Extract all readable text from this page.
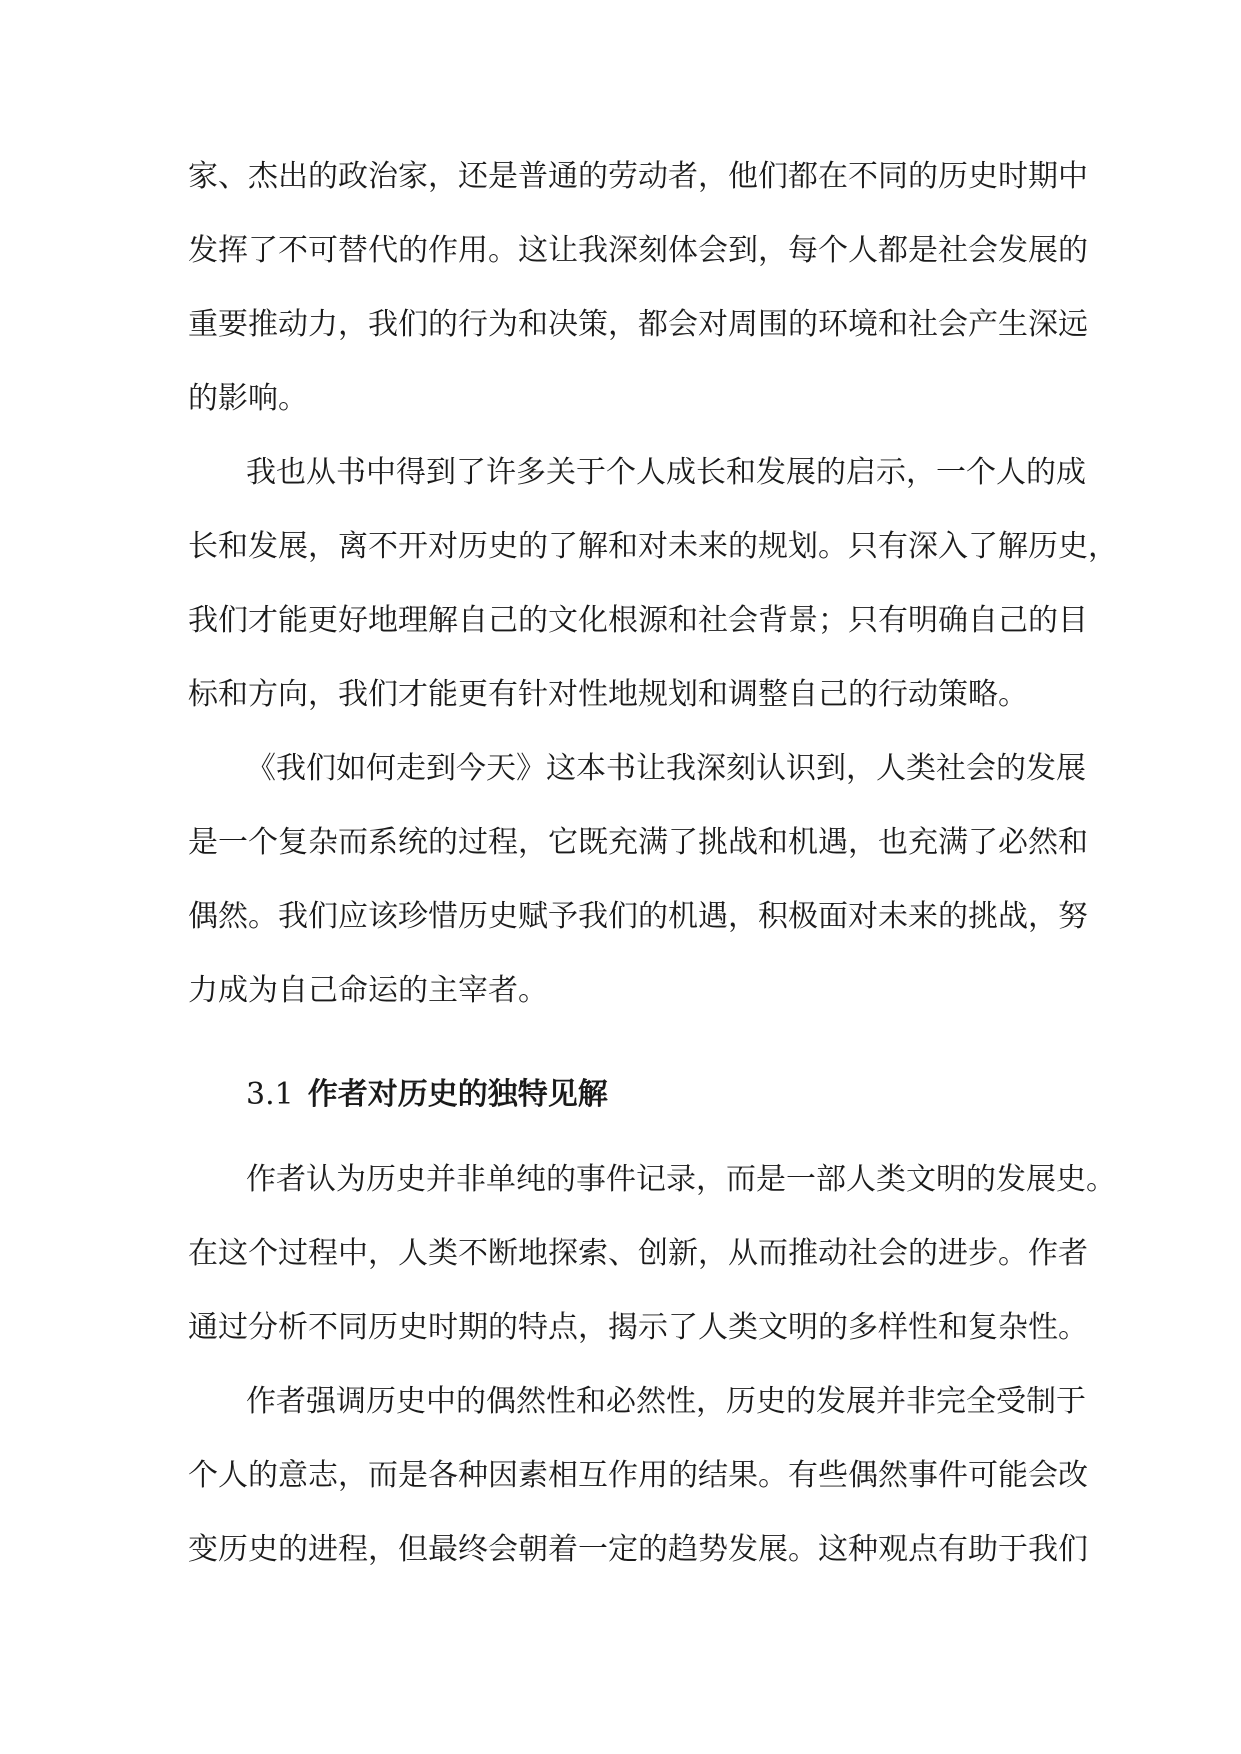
家、杰出的政治家，还是普通的劳动者，他们都在不同的历史时期中
发挥了不可替代的作用。这让我深刻体会到，每个人都是社会发展的
重要推动力，我们的行为和决策，都会对周围的环境和社会产生深远
的影响。
我也从书中得到了许多关于个人成长和发展的启示，一个人的成
长和发展，离不开对历史的了解和对未来的规划。只有深入了解历史，
我们才能更好地理解自己的文化根源和社会背景；只有明确自己的目
标和方向，我们才能更有针对性地规划和调整自己的行动策略。
《我们如何走到今天》这本书让我深刻认识到，人类社会的发展
是一个复杂而系统的过程，它既充满了挑战和机遇，也充满了必然和
偶然。我们应该珍惜历史赋予我们的机遇，积极面对未来的挑战，努
力成为自己命运的主宰者。
3.1 作者对历史的独特见解
作者认为历史并非单纯的事件记录，而是一部人类文明的发展史。
在这个过程中，人类不断地探索、创新，从而推动社会的进步。作者
通过分析不同历史时期的特点，揭示了人类文明的多样性和复杂性。
作者强调历史中的偶然性和必然性，历史的发展并非完全受制于
个人的意志，而是各种因素相互作用的结果。有些偶然事件可能会改
变历史的进程，但最终会朝着一定的趋势发展。这种观点有助于我们
